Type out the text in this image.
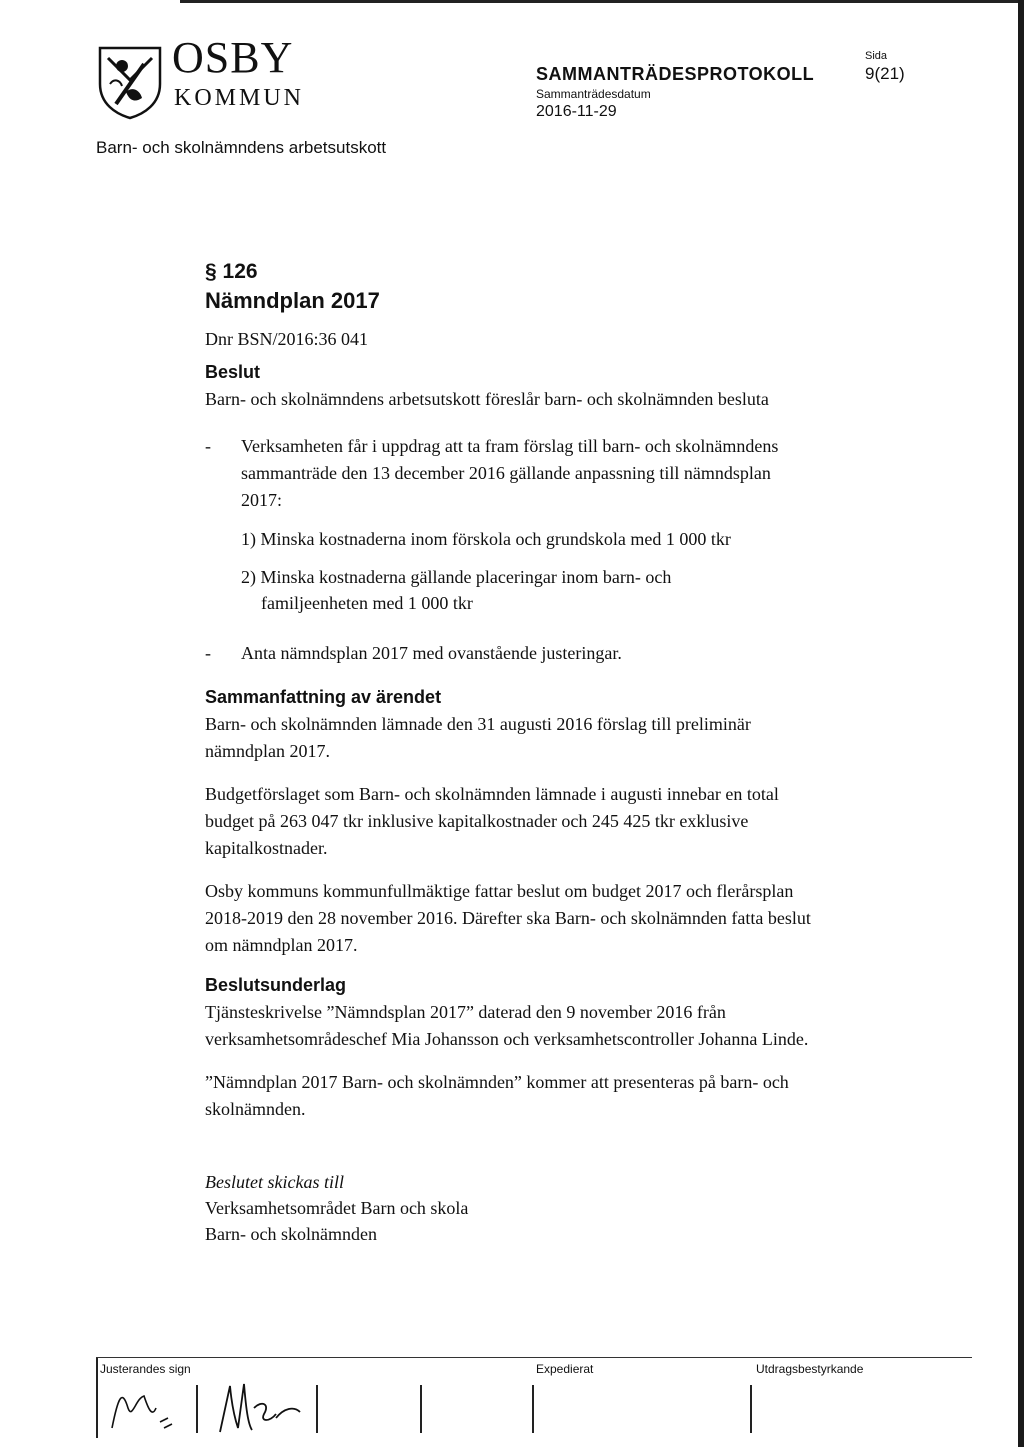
OSBY
KOMMUN
SAMMANTRÄDESPROTOKOLL
Sammanträdesdatum
2016-11-29
Sida
9(21)
Barn- och skolnämndens arbetsutskott
§ 126
Nämndplan 2017
Dnr BSN/2016:36 041
Beslut

Barn- och skolnämndens arbetsutskott föreslår barn- och skolnämnden besluta

- Verksamheten får i uppdrag att ta fram förslag till barn- och skolnämndens sammanträde den 13 december 2016 gällande anpassning till nämndsplan 2017:
1) Minska kostnaderna inom förskola och grundskola med 1 000 tkr
2) Minska kostnaderna gällande placeringar inom barn- och
familjeenheten med 1 000 tkr
- Anta nämndsplan 2017 med ovanstående justeringar.
Sammanfattning av ärendet

Barn- och skolnämnden lämnade den 31 augusti 2016 förslag till preliminär nämndplan 2017.

Budgetförslaget som Barn- och skolnämnden lämnade i augusti innebar en total budget på 263 047 tkr inklusive kapitalkostnader och 245 425 tkr exklusive kapitalkostnader.

Osby kommuns kommunfullmäktige fattar beslut om budget 2017 och flerårsplan 2018-2019 den 28 november 2016. Därefter ska Barn- och skolnämnden fatta beslut om nämndplan 2017.

Beslutsunderlag

Tjänsteskrivelse ”Nämndsplan 2017” daterad den 9 november 2016 från verksamhetsområdeschef Mia Johansson och verksamhetscontroller Johanna Linde.

”Nämndplan 2017 Barn- och skolnämnden” kommer att presenteras på barn- och skolnämnden.

Beslutet skickas till
Verksamhetsområdet Barn och skola
Barn- och skolnämnden
Justerandes sign	Expedierat	Utdragsbestyrkande
